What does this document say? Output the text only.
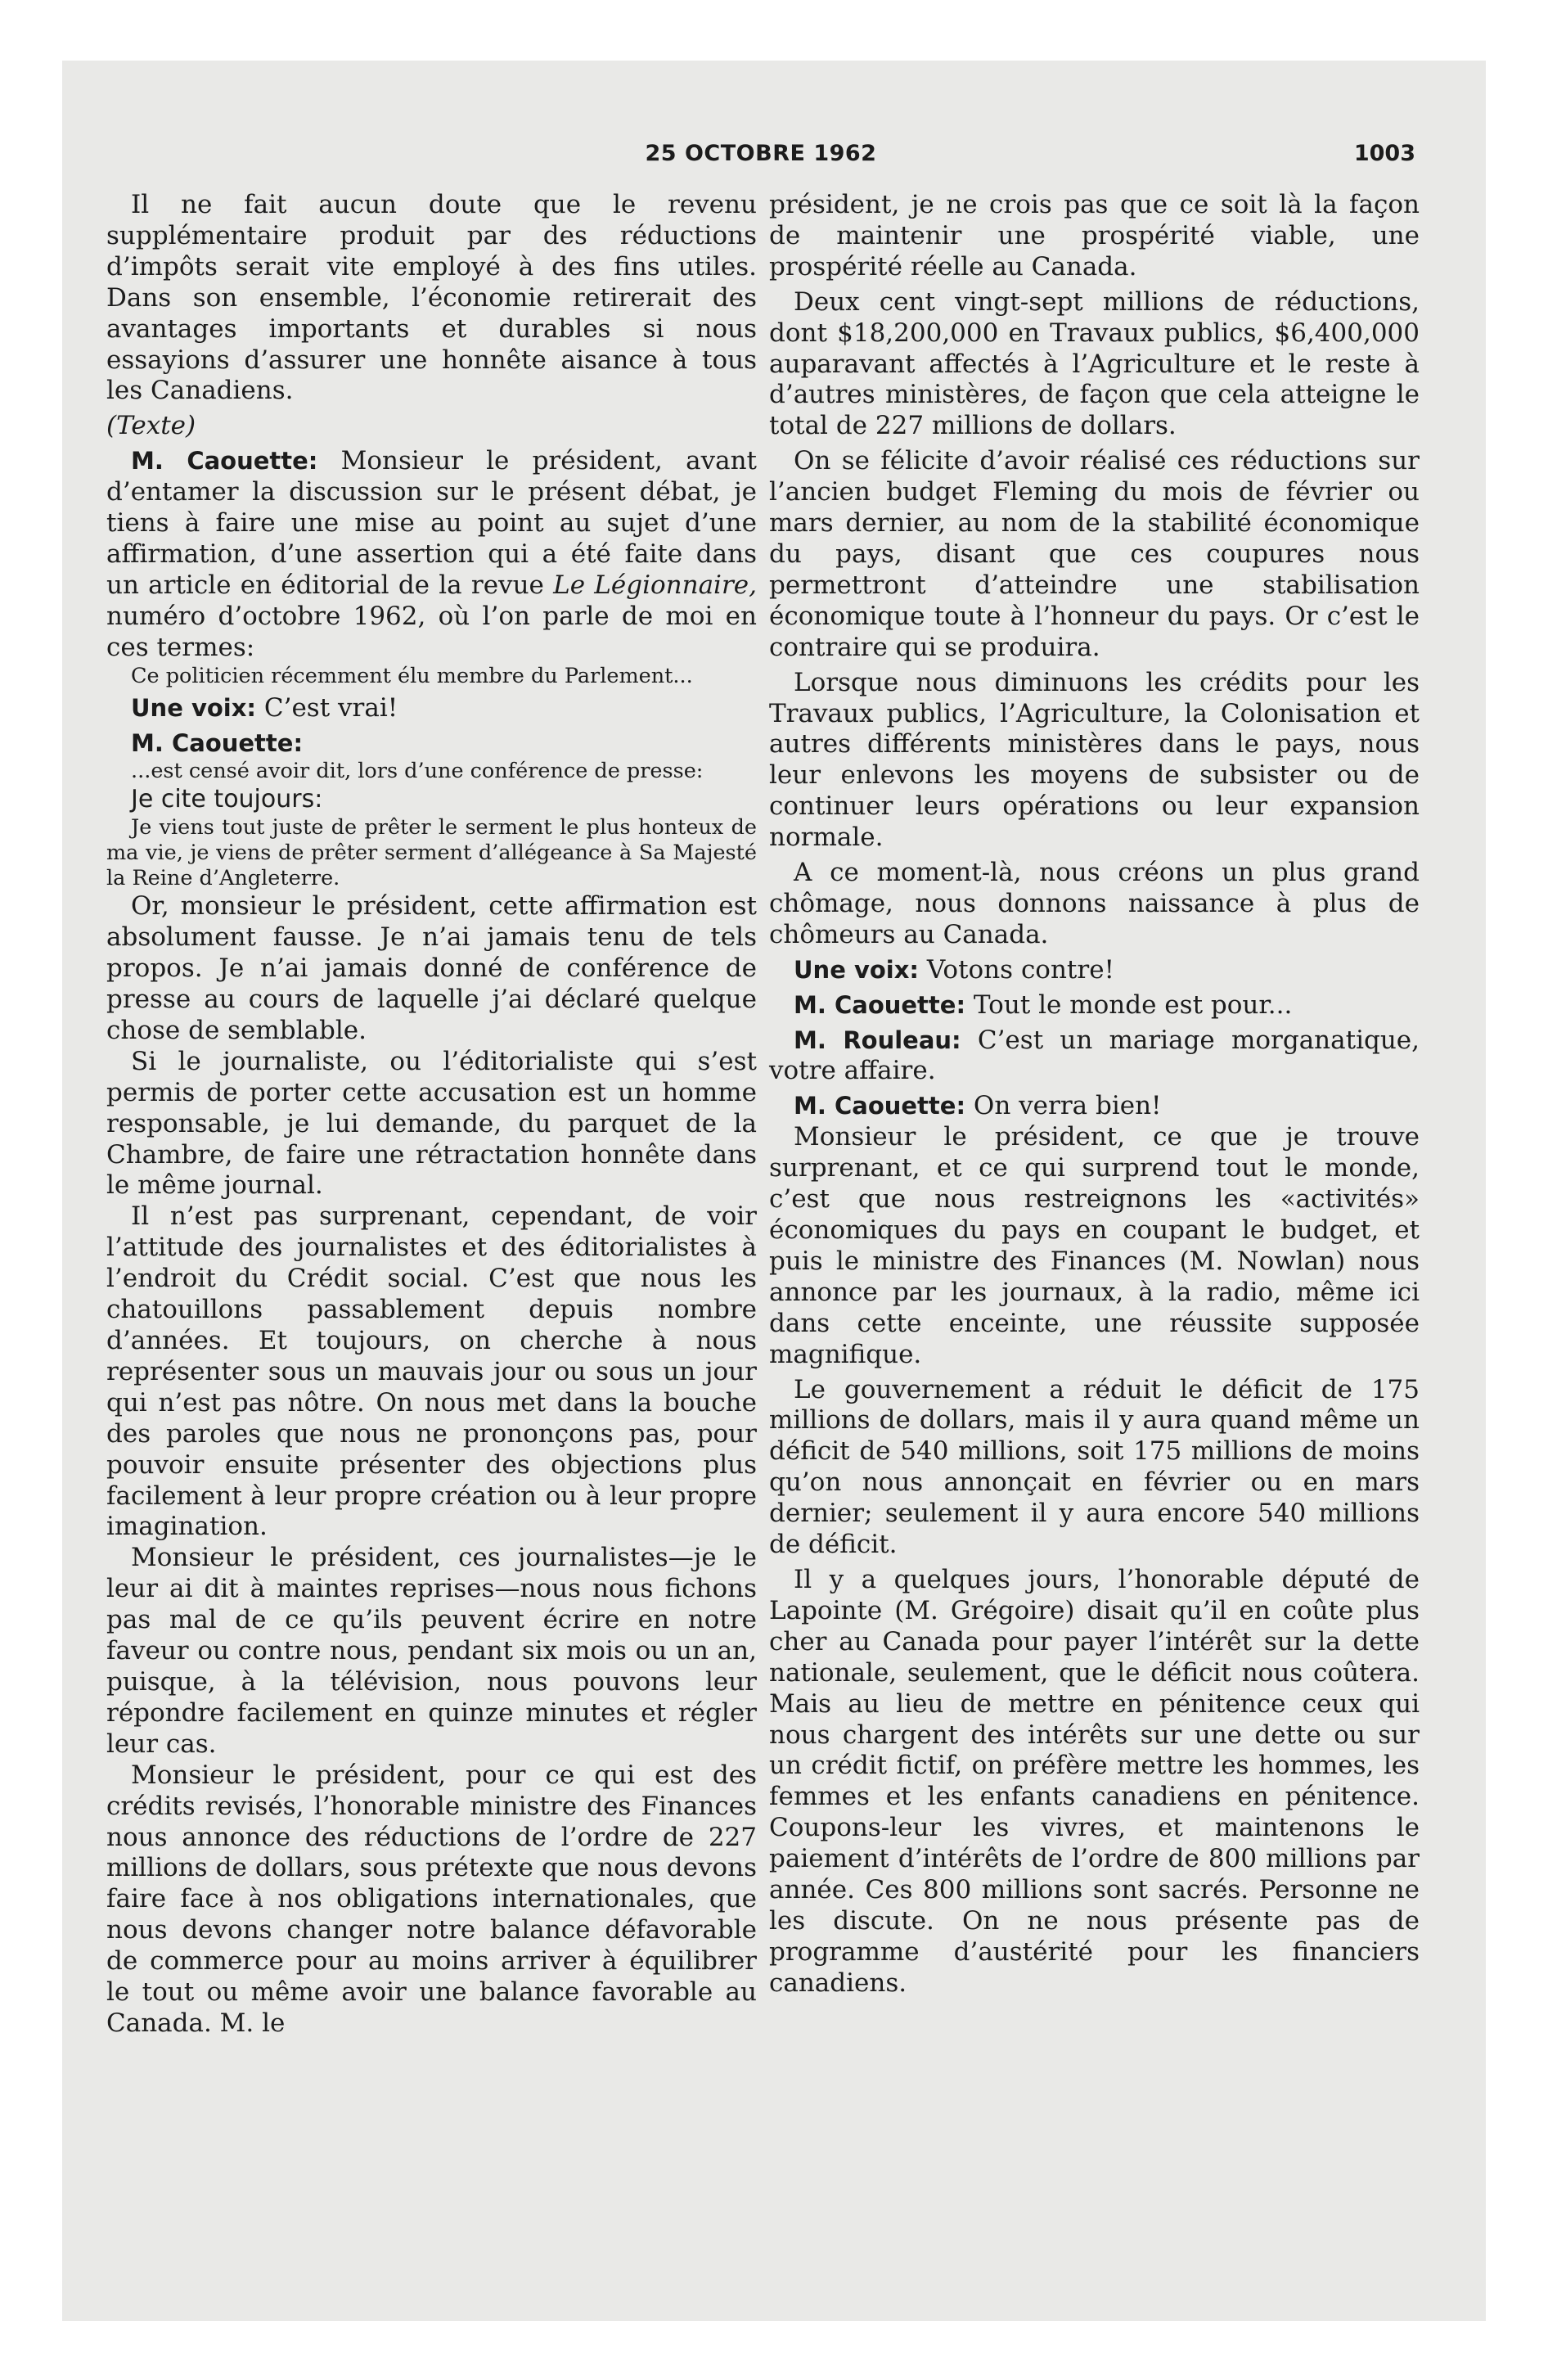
25 OCTOBRE 1962	1003

Il ne fait aucun doute que le revenu supplémentaire produit par des réductions d’impôts serait vite employé à des fins utiles. Dans son ensemble, l’économie retirerait des avantages importants et durables si nous essayions d’assurer une honnête aisance à tous les Canadiens.

(Texte)

M. Caouette: Monsieur le président, avant d’entamer la discussion sur le présent débat, je tiens à faire une mise au point au sujet d’une affirmation, d’une assertion qui a été faite dans un article en éditorial de la revue Le Légionnaire, numéro d’octobre 1962, où l’on parle de moi en ces termes:

Ce politicien récemment élu membre du Parlement...

Une voix: C’est vrai!

M. Caouette:

...est censé avoir dit, lors d’une conférence de presse:

Je cite toujours:

Je viens tout juste de prêter le serment le plus honteux de ma vie, je viens de prêter serment d’allégeance à Sa Majesté la Reine d’Angleterre.

Or, monsieur le président, cette affirmation est absolument fausse. Je n’ai jamais tenu de tels propos. Je n’ai jamais donné de conférence de presse au cours de laquelle j’ai déclaré quelque chose de semblable.

Si le journaliste, ou l’éditorialiste qui s’est permis de porter cette accusation est un homme responsable, je lui demande, du parquet de la Chambre, de faire une rétractation honnête dans le même journal.

Il n’est pas surprenant, cependant, de voir l’attitude des journalistes et des éditorialistes à l’endroit du Crédit social. C’est que nous les chatouillons passablement depuis nombre d’années. Et toujours, on cherche à nous représenter sous un mauvais jour ou sous un jour qui n’est pas nôtre. On nous met dans la bouche des paroles que nous ne prononçons pas, pour pouvoir ensuite présenter des objections plus facilement à leur propre création ou à leur propre imagination.

Monsieur le président, ces journalistes—je le leur ai dit à maintes reprises—nous nous fichons pas mal de ce qu’ils peuvent écrire en notre faveur ou contre nous, pendant six mois ou un an, puisque, à la télévision, nous pouvons leur répondre facilement en quinze minutes et régler leur cas.

Monsieur le président, pour ce qui est des crédits revisés, l’honorable ministre des Finances nous annonce des réductions de l’ordre de 227 millions de dollars, sous prétexte que nous devons faire face à nos obligations internationales, que nous devons changer notre balance défavorable de commerce pour au moins arriver à équilibrer le tout ou même avoir une balance favorable au Canada. M. le

président, je ne crois pas que ce soit là la façon de maintenir une prospérité viable, une prospérité réelle au Canada.

Deux cent vingt-sept millions de réductions, dont $18,200,000 en Travaux publics, $6,400,000 auparavant affectés à l’Agriculture et le reste à d’autres ministères, de façon que cela atteigne le total de 227 millions de dollars.

On se félicite d’avoir réalisé ces réductions sur l’ancien budget Fleming du mois de février ou mars dernier, au nom de la stabilité économique du pays, disant que ces coupures nous permettront d’atteindre une stabilisation économique toute à l’honneur du pays. Or c’est le contraire qui se produira.

Lorsque nous diminuons les crédits pour les Travaux publics, l’Agriculture, la Colonisation et autres différents ministères dans le pays, nous leur enlevons les moyens de subsister ou de continuer leurs opérations ou leur expansion normale.

A ce moment-là, nous créons un plus grand chômage, nous donnons naissance à plus de chômeurs au Canada.

Une voix: Votons contre!

M. Caouette: Tout le monde est pour...

M. Rouleau: C’est un mariage morganatique, votre affaire.

M. Caouette: On verra bien!

Monsieur le président, ce que je trouve surprenant, et ce qui surprend tout le monde, c’est que nous restreignons les «activités» économiques du pays en coupant le budget, et puis le ministre des Finances (M. Nowlan) nous annonce par les journaux, à la radio, même ici dans cette enceinte, une réussite supposée magnifique.

Le gouvernement a réduit le déficit de 175 millions de dollars, mais il y aura quand même un déficit de 540 millions, soit 175 millions de moins qu’on nous annonçait en février ou en mars dernier; seulement il y aura encore 540 millions de déficit.

Il y a quelques jours, l’honorable député de Lapointe (M. Grégoire) disait qu’il en coûte plus cher au Canada pour payer l’intérêt sur la dette nationale, seulement, que le déficit nous coûtera. Mais au lieu de mettre en pénitence ceux qui nous chargent des intérêts sur une dette ou sur un crédit fictif, on préfère mettre les hommes, les femmes et les enfants canadiens en pénitence. Coupons-leur les vivres, et maintenons le paiement d’intérêts de l’ordre de 800 millions par année. Ces 800 millions sont sacrés. Personne ne les discute. On ne nous présente pas de programme d’austérité pour les financiers canadiens.
